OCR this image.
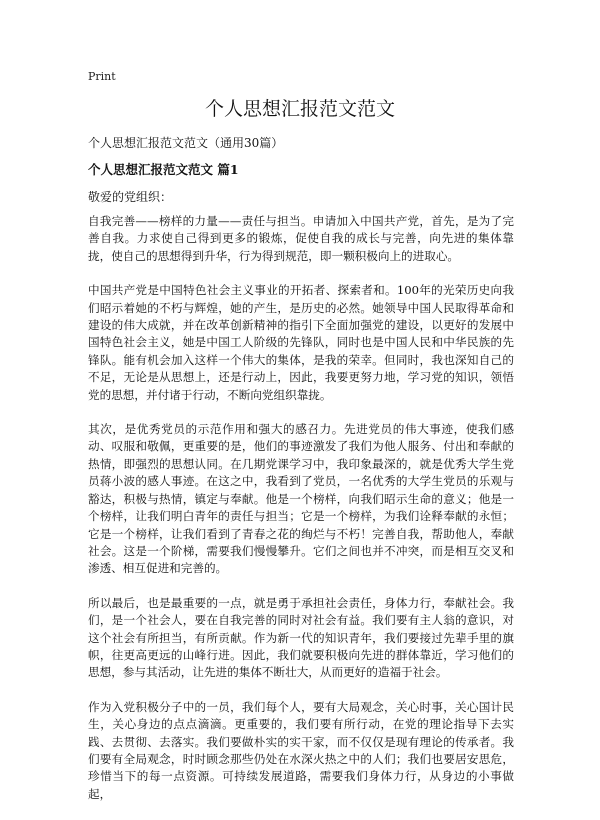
Print
个人思想汇报范文范文
个人思想汇报范文范文（通用30篇）
个人思想汇报范文范文 篇1
敬爱的党组织：

自我完善——榜样的力量——责任与担当。申请加入中国共产党，首先，是为了完善自我。力求使自己得到更多的锻炼，促使自我的成长与完善，向先进的集体靠拢，使自己的思想得到升华，行为得到规范，即一颗积极向上的进取心。

中国共产党是中国特色社会主义事业的开拓者、探索者和。100年的光荣历史向我们昭示着她的不朽与辉煌，她的产生，是历史的必然。她领导中国人民取得革命和建设的伟大成就，并在改革创新精神的指引下全面加强党的建设，以更好的发展中国特色社会主义，她是中国工人阶级的先锋队，同时也是中国人民和中华民族的先锋队。能有机会加入这样一个伟大的集体，是我的荣幸。但同时，我也深知自己的不足，无论是从思想上，还是行动上，因此，我要更努力地，学习党的知识，领悟党的思想，并付诸于行动，不断向党组织靠拢。

其次，是优秀党员的示范作用和强大的感召力。先进党员的伟大事迹，使我们感动、叹服和敬佩，更重要的是，他们的事迹激发了我们为他人服务、付出和奉献的热情，即强烈的思想认同。在几期党课学习中，我印象最深的，就是优秀大学生党员蒋小波的感人事迹。在这之中，我看到了党员，一名优秀的大学生党员的乐观与豁达，积极与热情，镇定与奉献。他是一个榜样，向我们昭示生命的意义；他是一个榜样，让我们明白青年的责任与担当；它是一个榜样，为我们诠释奉献的永恒；它是一个榜样，让我们看到了青春之花的绚烂与不朽！完善自我，帮助他人，奉献社会。这是一个阶梯，需要我们慢慢攀升。它们之间也并不冲突，而是相互交叉和渗透、相互促进和完善的。

所以最后，也是最重要的一点，就是勇于承担社会责任，身体力行，奉献社会。我们，是一个社会人，要在自我完善的同时对社会有益。我们要有主人翁的意识，对这个社会有所担当，有所贡献。作为新一代的知识青年，我们要接过先辈手里的旗帜，往更高更远的山峰行进。因此，我们就要积极向先进的群体靠近，学习他们的思想，参与其活动，让先进的集体不断壮大，从而更好的造福于社会。

作为入党积极分子中的一员，我们每个人，要有大局观念，关心时事，关心国计民生，关心身边的点点滴滴。更重要的，我们要有所行动，在党的理论指导下去实践、去贯彻、去落实。我们要做朴实的实干家，而不仅仅是现有理论的传承者。我们要有全局观念，时时顾念那些仍处在水深火热之中的人们；我们也要居安思危，珍惜当下的每一点资源。可持续发展道路，需要我们身体力行，从身边的小事做起，
